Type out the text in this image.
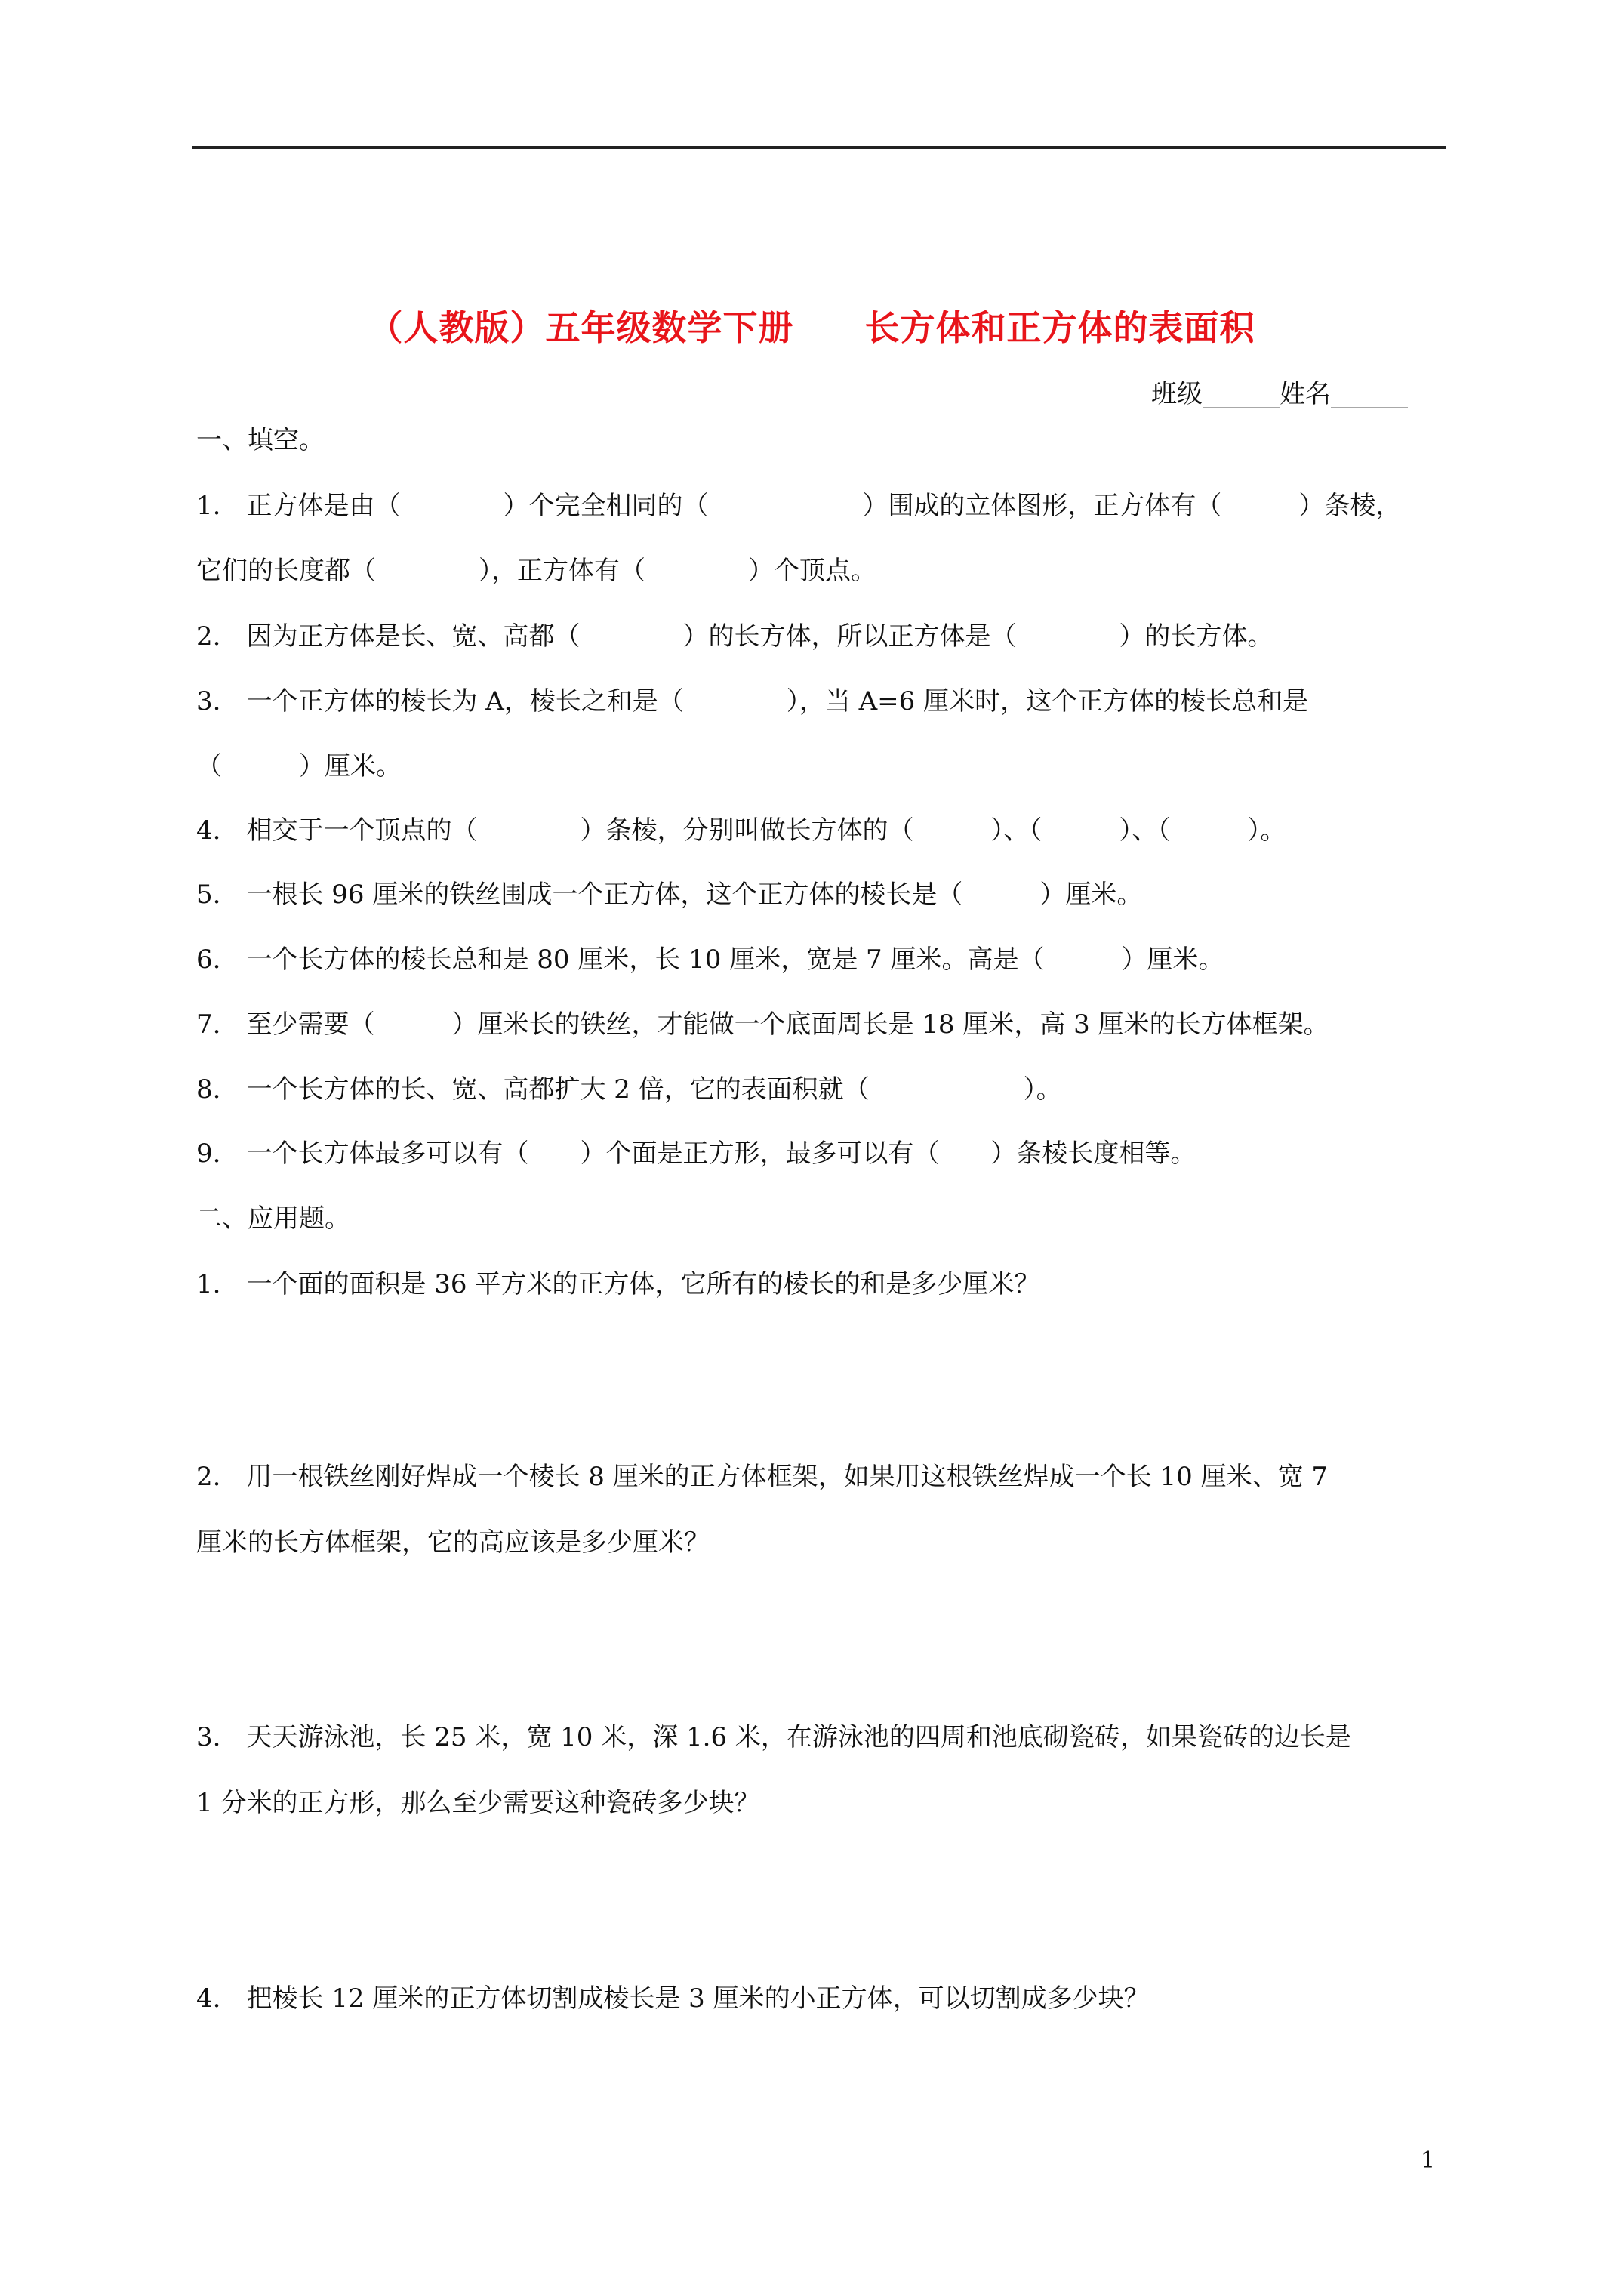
（人教版）五年级数学下册　　长方体和正方体的表面积
班级______姓名______
一、填空。
1.　正方体是由（　　　　）个完全相同的（　　　　　　）围成的立体图形，正方体有（　　　）条棱，
它们的长度都（　　　　），正方体有（　　　　）个顶点。
2.　因为正方体是长、宽、高都（　　　　）的长方体，所以正方体是（　　　　）的长方体。
3.　一个正方体的棱长为 A，棱长之和是（　　　　），当 A=6 厘米时，这个正方体的棱长总和是
（　　　）厘米。
4.　相交于一个顶点的（　　　　）条棱，分别叫做长方体的（　　　）、（　　　）、（　　　）。
5.　一根长 96 厘米的铁丝围成一个正方体，这个正方体的棱长是（　　　）厘米。
6.　一个长方体的棱长总和是 80 厘米，长 10 厘米，宽是 7 厘米。高是（　　　）厘米。
7.　至少需要（　　　）厘米长的铁丝，才能做一个底面周长是 18 厘米，高 3 厘米的长方体框架。
8.　一个长方体的长、宽、高都扩大 2 倍，它的表面积就（　　　　　　）。
9.　一个长方体最多可以有（　　）个面是正方形，最多可以有（　　）条棱长度相等。
二、应用题。
1.　一个面的面积是 36 平方米的正方体，它所有的棱长的和是多少厘米？
2.　用一根铁丝刚好焊成一个棱长 8 厘米的正方体框架，如果用这根铁丝焊成一个长 10 厘米、宽 7
厘米的长方体框架，它的高应该是多少厘米？
3.　天天游泳池，长 25 米，宽 10 米，深 1.6 米，在游泳池的四周和池底砌瓷砖，如果瓷砖的边长是
1 分米的正方形，那么至少需要这种瓷砖多少块？
4.　把棱长 12 厘米的正方体切割成棱长是 3 厘米的小正方体，可以切割成多少块？
1
